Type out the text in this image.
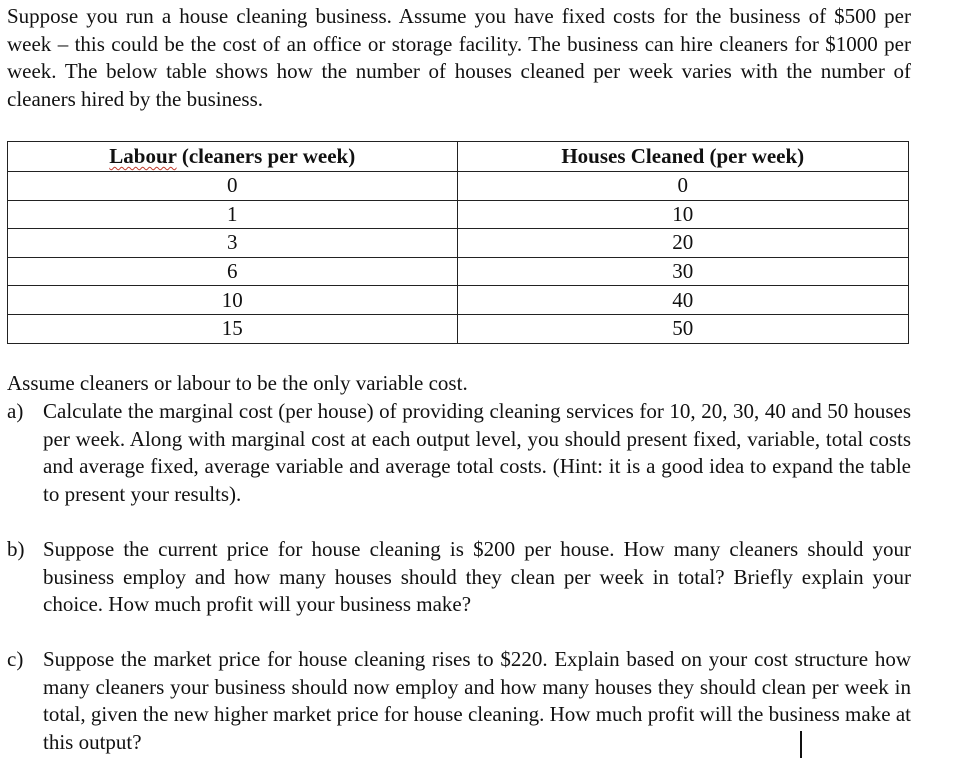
Suppose you run a house cleaning business. Assume you have fixed costs for the business of $500 per week – this could be the cost of an office or storage facility. The business can hire cleaners for $1000 per week. The below table shows how the number of houses cleaned per week varies with the number of cleaners hired by the business.

Labour (cleaners per week)	Houses Cleaned (per week)
0	0
1	10
3	20
6	30
10	40
15	50

Assume cleaners or labour to be the only variable cost.

a) Calculate the marginal cost (per house) of providing cleaning services for 10, 20, 30, 40 and 50 houses per week. Along with marginal cost at each output level, you should present fixed, variable, total costs and average fixed, average variable and average total costs. (Hint: it is a good idea to expand the table to present your results).

b) Suppose the current price for house cleaning is $200 per house. How many cleaners should your business employ and how many houses should they clean per week in total? Briefly explain your choice. How much profit will your business make?

c) Suppose the market price for house cleaning rises to $220. Explain based on your cost structure how many cleaners your business should now employ and how many houses they should clean per week in total, given the new higher market price for house cleaning. How much profit will the business make at this output?
